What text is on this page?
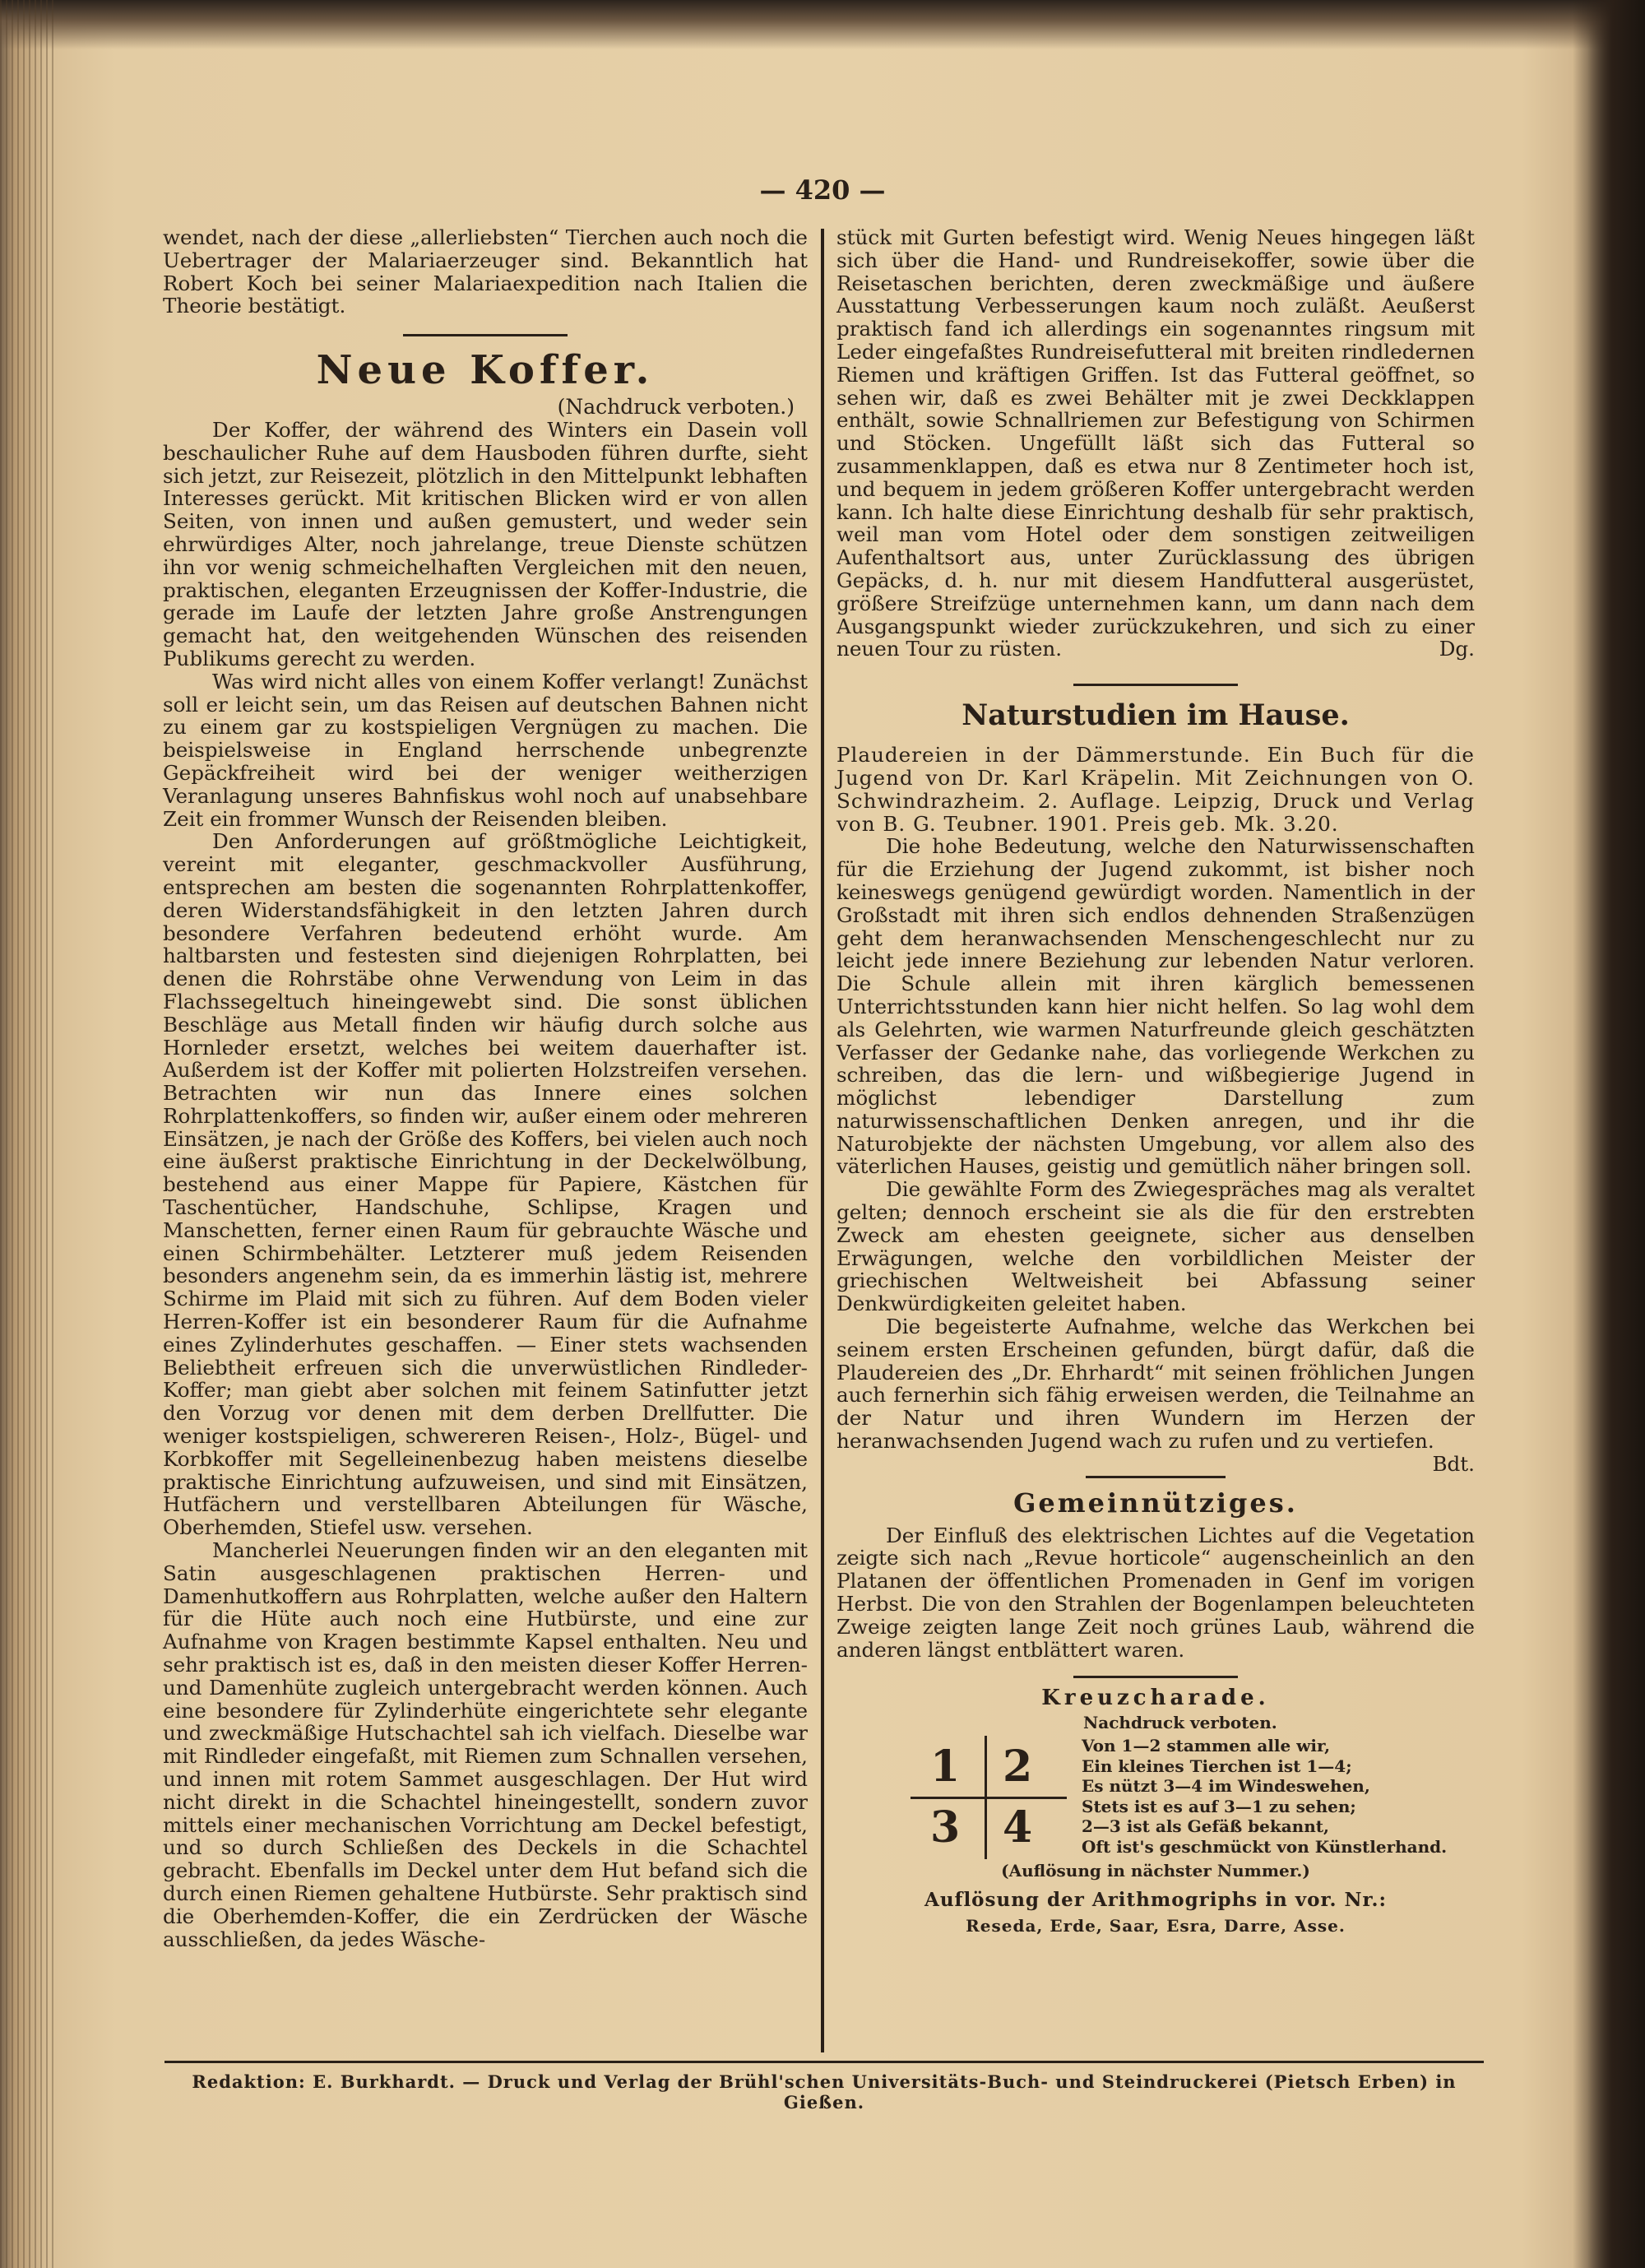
— 420 —

wendet, nach der diese „allerliebsten“ Tierchen auch noch die Uebertrager der Malariaerzeuger sind. Bekanntlich hat Robert Koch bei seiner Malariaexpedition nach Italien die Theorie bestätigt.

Neue Koffer.
(Nachdruck verboten.)

Der Koffer, der während des Winters ein Dasein voll beschaulicher Ruhe auf dem Hausboden führen durfte, sieht sich jetzt, zur Reisezeit, plötzlich in den Mittelpunkt lebhaften Interesses gerückt. Mit kritischen Blicken wird er von allen Seiten, von innen und außen gemustert, und weder sein ehrwürdiges Alter, noch jahrelange, treue Dienste schützen ihn vor wenig schmeichelhaften Vergleichen mit den neuen, praktischen, eleganten Erzeugnissen der Koffer-Industrie, die gerade im Laufe der letzten Jahre große Anstrengungen gemacht hat, den weitgehenden Wünschen des reisenden Publikums gerecht zu werden.

Was wird nicht alles von einem Koffer verlangt! Zunächst soll er leicht sein, um das Reisen auf deutschen Bahnen nicht zu einem gar zu kostspieligen Vergnügen zu machen. Die beispielsweise in England herrschende unbegrenzte Gepäckfreiheit wird bei der weniger weitherzigen Veranlagung unseres Bahnfiskus wohl noch auf unabsehbare Zeit ein frommer Wunsch der Reisenden bleiben.

Den Anforderungen auf größtmögliche Leichtigkeit, vereint mit eleganter, geschmackvoller Ausführung, entsprechen am besten die sogenannten Rohrplattenkoffer, deren Widerstandsfähigkeit in den letzten Jahren durch besondere Verfahren bedeutend erhöht wurde. Am haltbarsten und festesten sind diejenigen Rohrplatten, bei denen die Rohrstäbe ohne Verwendung von Leim in das Flachssegeltuch hineingewebt sind. Die sonst üblichen Beschläge aus Metall finden wir häufig durch solche aus Hornleder ersetzt, welches bei weitem dauerhafter ist. Außerdem ist der Koffer mit polierten Holzstreifen versehen. Betrachten wir nun das Innere eines solchen Rohrplattenkoffers, so finden wir, außer einem oder mehreren Einsätzen, je nach der Größe des Koffers, bei vielen auch noch eine äußerst praktische Einrichtung in der Deckelwölbung, bestehend aus einer Mappe für Papiere, Kästchen für Taschentücher, Handschuhe, Schlipse, Kragen und Manschetten, ferner einen Raum für gebrauchte Wäsche und einen Schirmbehälter. Letzterer muß jedem Reisenden besonders angenehm sein, da es immerhin lästig ist, mehrere Schirme im Plaid mit sich zu führen. Auf dem Boden vieler Herren-Koffer ist ein besonderer Raum für die Aufnahme eines Zylinderhutes geschaffen. — Einer stets wachsenden Beliebtheit erfreuen sich die unverwüstlichen Rindleder-Koffer; man giebt aber solchen mit feinem Satinfutter jetzt den Vorzug vor denen mit dem derben Drellfutter. Die weniger kostspieligen, schwereren Reisen-, Holz-, Bügel- und Korbkoffer mit Segelleinenbezug haben meistens dieselbe praktische Einrichtung aufzuweisen, und sind mit Einsätzen, Hutfächern und verstellbaren Abteilungen für Wäsche, Oberhemden, Stiefel usw. versehen.

Mancherlei Neuerungen finden wir an den eleganten mit Satin ausgeschlagenen praktischen Herren- und Damenhutkoffern aus Rohrplatten, welche außer den Haltern für die Hüte auch noch eine Hutbürste, und eine zur Aufnahme von Kragen bestimmte Kapsel enthalten. Neu und sehr praktisch ist es, daß in den meisten dieser Koffer Herren- und Damenhüte zugleich untergebracht werden können. Auch eine besondere für Zylinderhüte eingerichtete sehr elegante und zweckmäßige Hutschachtel sah ich vielfach. Dieselbe war mit Rindleder eingefaßt, mit Riemen zum Schnallen versehen, und innen mit rotem Sammet ausgeschlagen. Der Hut wird nicht direkt in die Schachtel hineingestellt, sondern zuvor mittels einer mechanischen Vorrichtung am Deckel befestigt, und so durch Schließen des Deckels in die Schachtel gebracht. Ebenfalls im Deckel unter dem Hut befand sich die durch einen Riemen gehaltene Hutbürste. Sehr praktisch sind die Oberhemden-Koffer, die ein Zerdrücken der Wäsche ausschließen, da jedes Wäsche-

stück mit Gurten befestigt wird. Wenig Neues hingegen läßt sich über die Hand- und Rundreisekoffer, sowie über die Reisetaschen berichten, deren zweckmäßige und äußere Ausstattung Verbesserungen kaum noch zuläßt. Aeußerst praktisch fand ich allerdings ein sogenanntes ringsum mit Leder eingefaßtes Rundreisefutteral mit breiten rindledernen Riemen und kräftigen Griffen. Ist das Futteral geöffnet, so sehen wir, daß es zwei Behälter mit je zwei Deckklappen enthält, sowie Schnallriemen zur Befestigung von Schirmen und Stöcken. Ungefüllt läßt sich das Futteral so zusammenklappen, daß es etwa nur 8 Zentimeter hoch ist, und bequem in jedem größeren Koffer untergebracht werden kann. Ich halte diese Einrichtung deshalb für sehr praktisch, weil man vom Hotel oder dem sonstigen zeitweiligen Aufenthaltsort aus, unter Zurücklassung des übrigen Gepäcks, d. h. nur mit diesem Handfutteral ausgerüstet, größere Streifzüge unternehmen kann, um dann nach dem Ausgangspunkt wieder zurückzukehren, und sich zu einer neuen Tour zu rüsten.	Dg.

Naturstudien im Hause.

Plaudereien in der Dämmerstunde. Ein Buch für die Jugend von Dr. Karl Kräpelin. Mit Zeichnungen von O. Schwindrazheim. 2. Auflage. Leipzig, Druck und Verlag von B. G. Teubner. 1901. Preis geb. Mk. 3.20.

Die hohe Bedeutung, welche den Naturwissenschaften für die Erziehung der Jugend zukommt, ist bisher noch keineswegs genügend gewürdigt worden. Namentlich in der Großstadt mit ihren sich endlos dehnenden Straßenzügen geht dem heranwachsenden Menschengeschlecht nur zu leicht jede innere Beziehung zur lebenden Natur verloren. Die Schule allein mit ihren kärglich bemessenen Unterrichtsstunden kann hier nicht helfen. So lag wohl dem als Gelehrten, wie warmen Naturfreunde gleich geschätzten Verfasser der Gedanke nahe, das vorliegende Werkchen zu schreiben, das die lern- und wißbegierige Jugend in möglichst lebendiger Darstellung zum naturwissenschaftlichen Denken anregen, und ihr die Naturobjekte der nächsten Umgebung, vor allem also des väterlichen Hauses, geistig und gemütlich näher bringen soll.

Die gewählte Form des Zwiegespräches mag als veraltet gelten; dennoch erscheint sie als die für den erstrebten Zweck am ehesten geeignete, sicher aus denselben Erwägungen, welche den vorbildlichen Meister der griechischen Weltweisheit bei Abfassung seiner Denkwürdigkeiten geleitet haben.

Die begeisterte Aufnahme, welche das Werkchen bei seinem ersten Erscheinen gefunden, bürgt dafür, daß die Plaudereien des „Dr. Ehrhardt“ mit seinen fröhlichen Jungen auch fernerhin sich fähig erweisen werden, die Teilnahme an der Natur und ihren Wundern im Herzen der heranwachsenden Jugend wach zu rufen und zu vertiefen.
Bdt.

Gemeinnütziges.

Der Einfluß des elektrischen Lichtes auf die Vegetation zeigte sich nach „Revue horticole“ augenscheinlich an den Platanen der öffentlichen Promenaden in Genf im vorigen Herbst. Die von den Strahlen der Bogenlampen beleuchteten Zweige zeigten lange Zeit noch grünes Laub, während die anderen längst entblättert waren.

Kreuzcharade.
Nachdruck verboten.
1 2
3 4
Von 1—2 stammen alle wir,
Ein kleines Tierchen ist 1—4;
Es nützt 3—4 im Windeswehen,
Stets ist es auf 3—1 zu sehen;
2—3 ist als Gefäß bekannt,
Oft ist's geschmückt von Künstlerhand.
(Auflösung in nächster Nummer.)
Auflösung der Arithmogriphs in vor. Nr.:
Reseda, Erde, Saar, Esra, Darre, Asse.
Redaktion: E. Burkhardt. — Druck und Verlag der Brühl'schen Universitäts-Buch- und Steindruckerei (Pietsch Erben) in Gießen.
